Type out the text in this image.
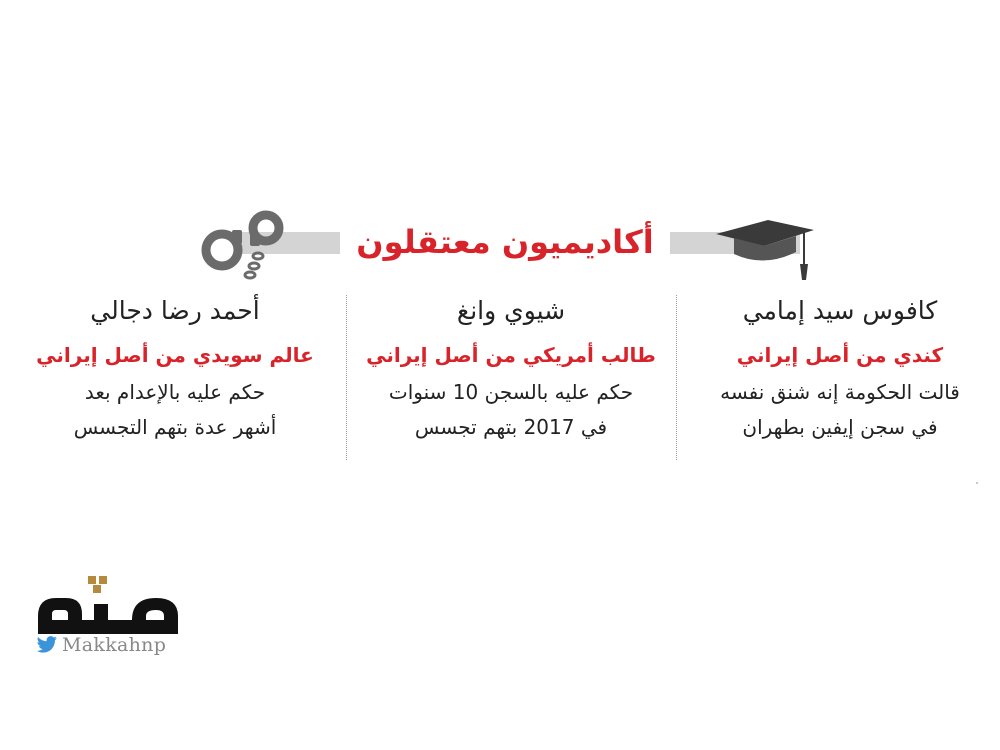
أكاديميون معتقلون
كافوس سيد إمامي
كندي من أصل إيراني
قالت الحكومة إنه شنق نفسه
في سجن إيفين بطهران
شيوي وانغ
طالب أمريكي من أصل إيراني
حكم عليه بالسجن 10 سنوات
في 2017 بتهم تجسس
أحمد رضا دجالي
عالم سويدي من أصل إيراني
حكم عليه بالإعدام بعد
أشهر عدة بتهم التجسس
Makkahnp
